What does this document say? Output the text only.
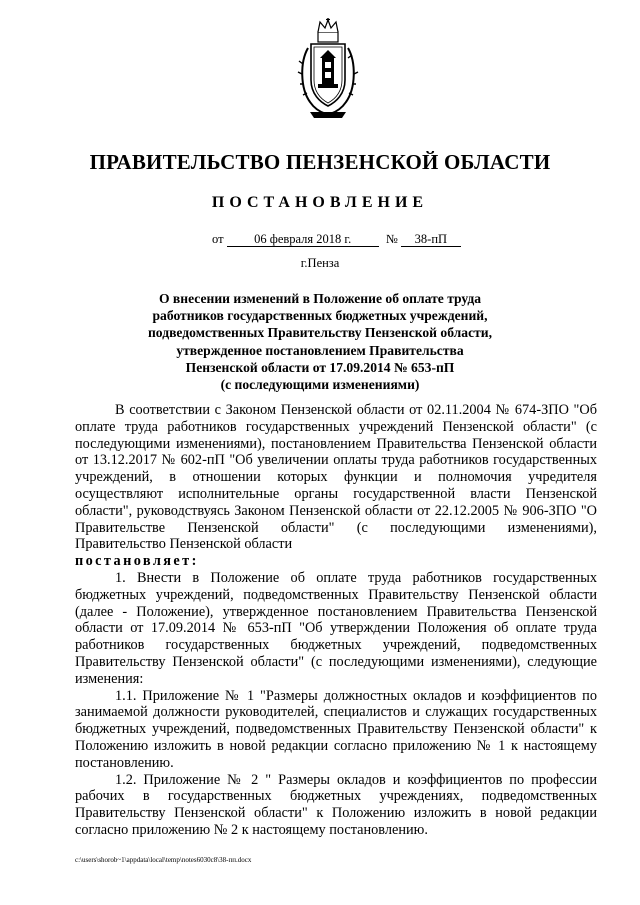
ПРАВИТЕЛЬСТВО ПЕНЗЕНСКОЙ ОБЛАСТИ
ПОСТАНОВЛЕНИЕ
от 06 февраля 2018 г.	№ 38-пП
г.Пенза
О внесении изменений в Положение об оплате труда
работников государственных бюджетных учреждений,
подведомственных Правительству Пензенской области,
утвержденное постановлением Правительства
Пензенской области от 17.09.2014 № 653-пП
(с последующими изменениями)

В соответствии с Законом Пензенской области от 02.11.2004 № 674-ЗПО "Об оплате труда работников государственных учреждений Пензенской области" (с последующими изменениями), постановлением Правительства Пензенской области от 13.12.2017 № 602-пП "Об увеличении оплаты труда работников государственных учреждений, в отношении которых функции и полномочия учредителя осуществляют исполнительные органы государственной власти Пензенской области", руководствуясь Законом Пензенской области от 22.12.2005 № 906-ЗПО "О Правительстве Пензенской области" (с последующими изменениями), Правительство Пензенской области

постановляет:

1. Внести в Положение об оплате труда работников государственных бюджетных учреждений, подведомственных Правительству Пензенской области (далее - Положение), утвержденное постановлением Правительства Пензенской области от 17.09.2014 № 653-пП "Об утверждении Положения об оплате труда работников государственных бюджетных учреждений, подведомственных Правительству Пензенской области" (с последующими изменениями), следующие изменения:

1.1. Приложение № 1 "Размеры должностных окладов и коэффициентов по занимаемой должности руководителей, специалистов и служащих государственных бюджетных учреждений, подведомственных Правительству Пензенской области" к Положению изложить в новой редакции согласно приложению № 1 к настоящему постановлению.

1.2. Приложение № 2 " Размеры окладов и коэффициентов по профессии рабочих в государственных бюджетных учреждениях, подведомственных Правительству Пензенской области" к Положению изложить в новой редакции согласно приложению № 2 к настоящему постановлению.

c:\users\shorob~1\appdata\local\temp\notes6030c8\38-пп.docx
